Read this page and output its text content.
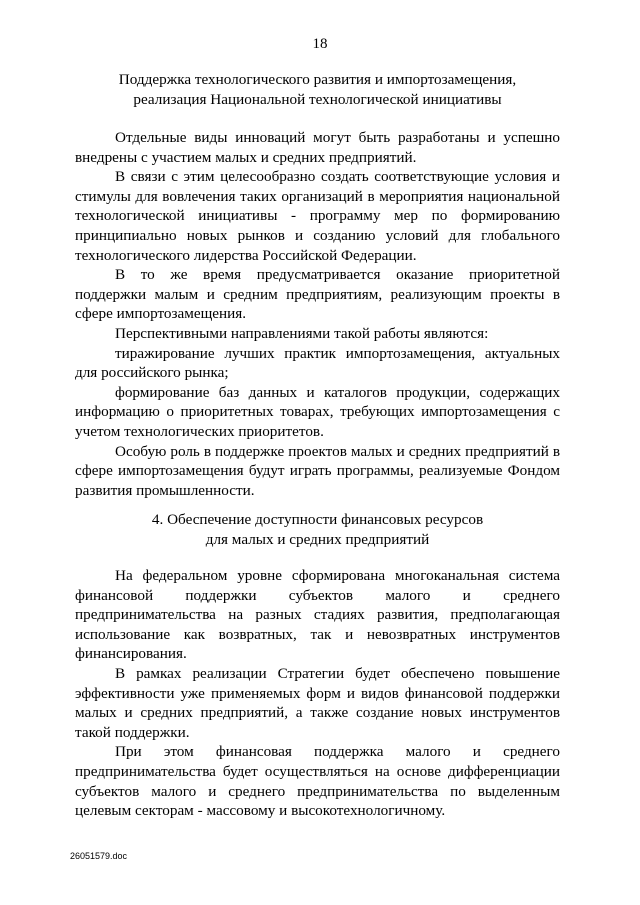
18
Поддержка технологического развития и импортозамещения,
реализация Национальной технологической инициативы

Отдельные виды инноваций могут быть разработаны и успешно внедрены с участием малых и средних предприятий.

В связи с этим целесообразно создать соответствующие условия и стимулы для вовлечения таких организаций в мероприятия национальной технологической инициативы - программу мер по формированию принципиально новых рынков и созданию условий для глобального технологического лидерства Российской Федерации.

В то же время предусматривается оказание приоритетной поддержки малым и средним предприятиям, реализующим проекты в сфере импортозамещения.

Перспективными направлениями такой работы являются:

тиражирование лучших практик импортозамещения, актуальных для российского рынка;

формирование баз данных и каталогов продукции, содержащих информацию о приоритетных товарах, требующих импортозамещения с учетом технологических приоритетов.

Особую роль в поддержке проектов малых и средних предприятий в сфере импортозамещения будут играть программы, реализуемые Фондом развития промышленности.

4. Обеспечение доступности финансовых ресурсов
для малых и средних предприятий

На федеральном уровне сформирована многоканальная система финансовой поддержки субъектов малого и среднего предпринимательства на разных стадиях развития, предполагающая использование как возвратных, так и невозвратных инструментов финансирования.

В рамках реализации Стратегии будет обеспечено повышение эффективности уже применяемых форм и видов финансовой поддержки малых и средних предприятий, а также создание новых инструментов такой поддержки.

При этом финансовая поддержка малого и среднего предпринимательства будет осуществляться на основе дифференциации субъектов малого и среднего предпринимательства по выделенным целевым секторам - массовому и высокотехнологичному.

26051579.doc
